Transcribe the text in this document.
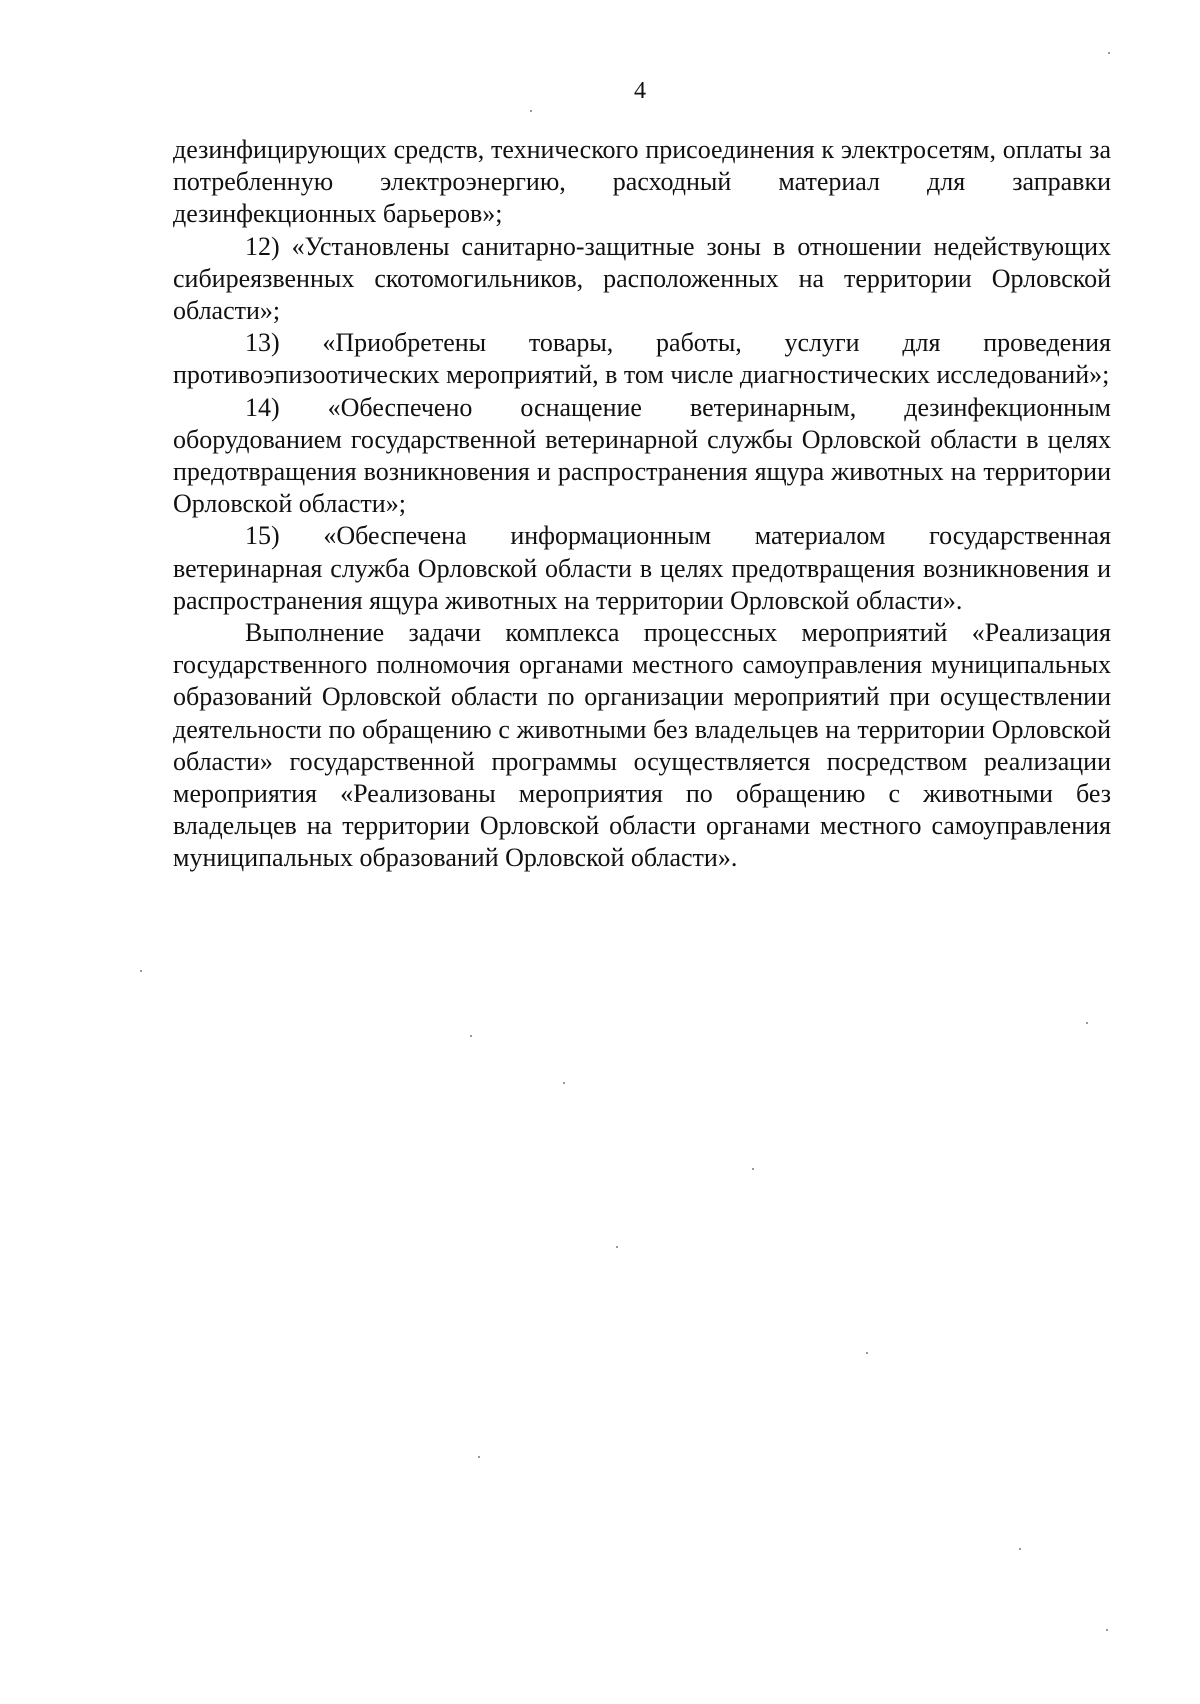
4

дезинфицирующих средств, технического присоединения к электросетям, оплаты за потребленную электроэнергию, расходный материал для заправки дезинфекционных барьеров»;

12) «Установлены санитарно-защитные зоны в отношении недействующих сибиреязвенных скотомогильников, расположенных на территории Орловской области»;

13) «Приобретены товары, работы, услуги для проведения противоэпизоотических мероприятий, в том числе диагностических исследований»;

14) «Обеспечено оснащение ветеринарным, дезинфекционным оборудованием государственной ветеринарной службы Орловской области в целях предотвращения возникновения и распространения ящура животных на территории Орловской области»;

15) «Обеспечена информационным материалом государственная ветеринарная служба Орловской области в целях предотвращения возникновения и распространения ящура животных на территории Орловской области».

Выполнение задачи комплекса процессных мероприятий «Реализация государственного полномочия органами местного самоуправления муниципальных образований Орловской области по организации мероприятий при осуществлении деятельности по обращению с животными без владельцев на территории Орловской области» государственной программы осуществляется посредством реализации мероприятия «Реализованы мероприятия по обращению с животными без владельцев на территории Орловской области органами местного самоуправления муниципальных образований Орловской области».
